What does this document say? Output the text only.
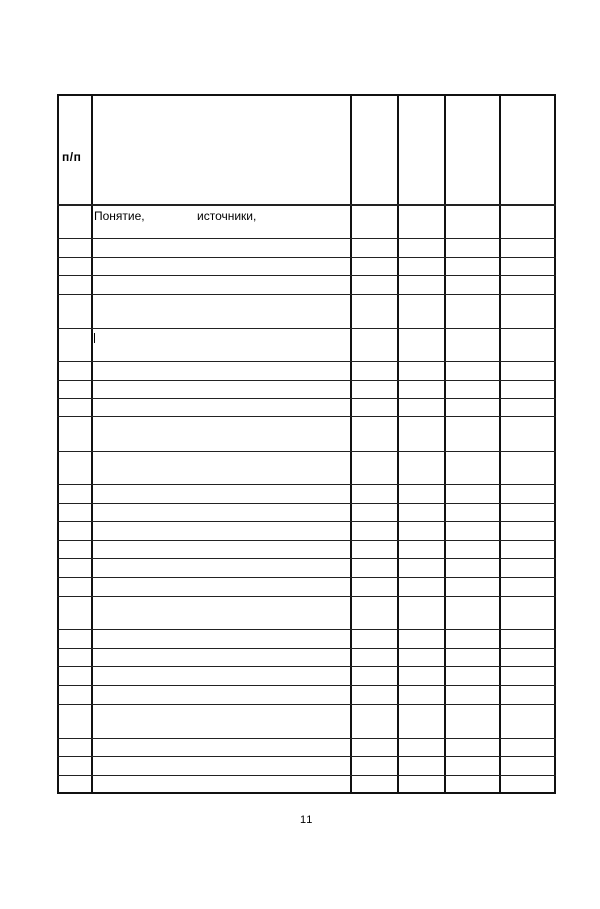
п/п
Понятие,	источники,
11
